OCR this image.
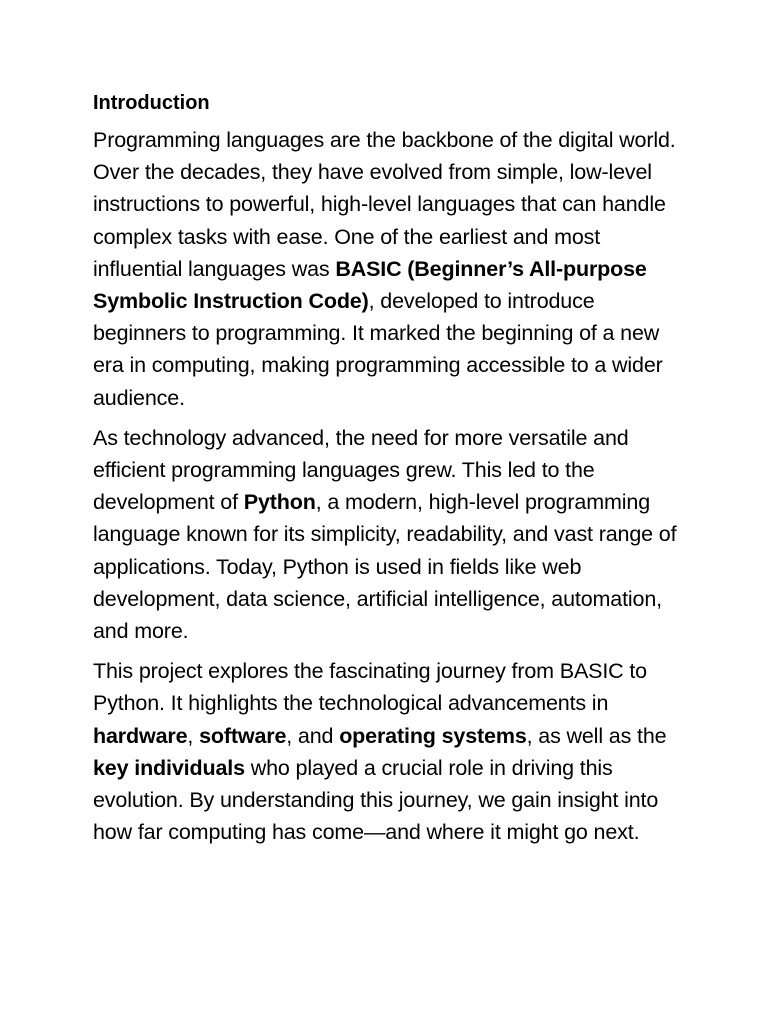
Introduction

Programming languages are the backbone of the digital world. Over the decades, they have evolved from simple, low-level instructions to powerful, high-level languages that can handle complex tasks with ease. One of the earliest and most influential languages was BASIC (Beginner’s All-purpose Symbolic Instruction Code), developed to introduce beginners to programming. It marked the beginning of a new era in computing, making programming accessible to a wider audience.

As technology advanced, the need for more versatile and efficient programming languages grew. This led to the development of Python, a modern, high-level programming language known for its simplicity, readability, and vast range of applications. Today, Python is used in fields like web development, data science, artificial intelligence, automation, and more.

This project explores the fascinating journey from BASIC to Python. It highlights the technological advancements in hardware, software, and operating systems, as well as the key individuals who played a crucial role in driving this evolution. By understanding this journey, we gain insight into how far computing has come—and where it might go next.
